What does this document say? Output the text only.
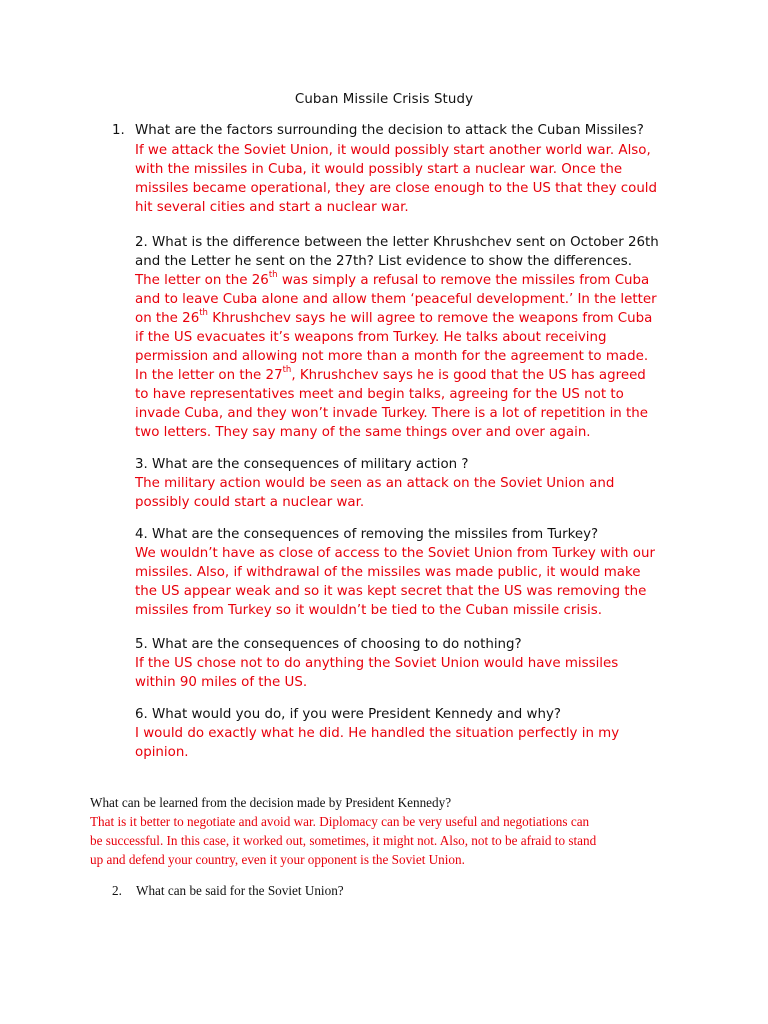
Cuban Missile Crisis Study
1. What are the factors surrounding the decision to attack the Cuban Missiles?

If we attack the Soviet Union, it would possibly start another world war. Also,

with the missiles in Cuba, it would possibly start a nuclear war. Once the

missiles became operational, they are close enough to the US that they could

hit several cities and start a nuclear war.

2. What is the difference between the letter Khrushchev sent on October 26th

and the Letter he sent on the 27th? List evidence to show the differences.

The letter on the 26th was simply a refusal to remove the missiles from Cuba

and to leave Cuba alone and allow them ‘peaceful development.’ In the letter

on the 26th Khrushchev says he will agree to remove the weapons from Cuba

if the US evacuates it’s weapons from Turkey. He talks about receiving

permission and allowing not more than a month for the agreement to made.

In the letter on the 27th, Khrushchev says he is good that the US has agreed

to have representatives meet and begin talks, agreeing for the US not to

invade Cuba, and they won’t invade Turkey. There is a lot of repetition in the

two letters. They say many of the same things over and over again.

3. What are the consequences of military action ?

The military action would be seen as an attack on the Soviet Union and

possibly could start a nuclear war.

4. What are the consequences of removing the missiles from Turkey?

We wouldn’t have as close of access to the Soviet Union from Turkey with our

missiles. Also, if withdrawal of the missiles was made public, it would make

the US appear weak and so it was kept secret that the US was removing the

missiles from Turkey so it wouldn’t be tied to the Cuban missile crisis.

5. What are the consequences of choosing to do nothing?

If the US chose not to do anything the Soviet Union would have missiles

within 90 miles of the US.

6. What would you do, if you were President Kennedy and why?

I would do exactly what he did. He handled the situation perfectly in my

opinion.

What can be learned from the decision made by President Kennedy?

That is it better to negotiate and avoid war. Diplomacy can be very useful and negotiations can

be successful. In this case, it worked out, sometimes, it might not. Also, not to be afraid to stand

up and defend your country, even it your opponent is the Soviet Union.

2. What can be said for the Soviet Union?
